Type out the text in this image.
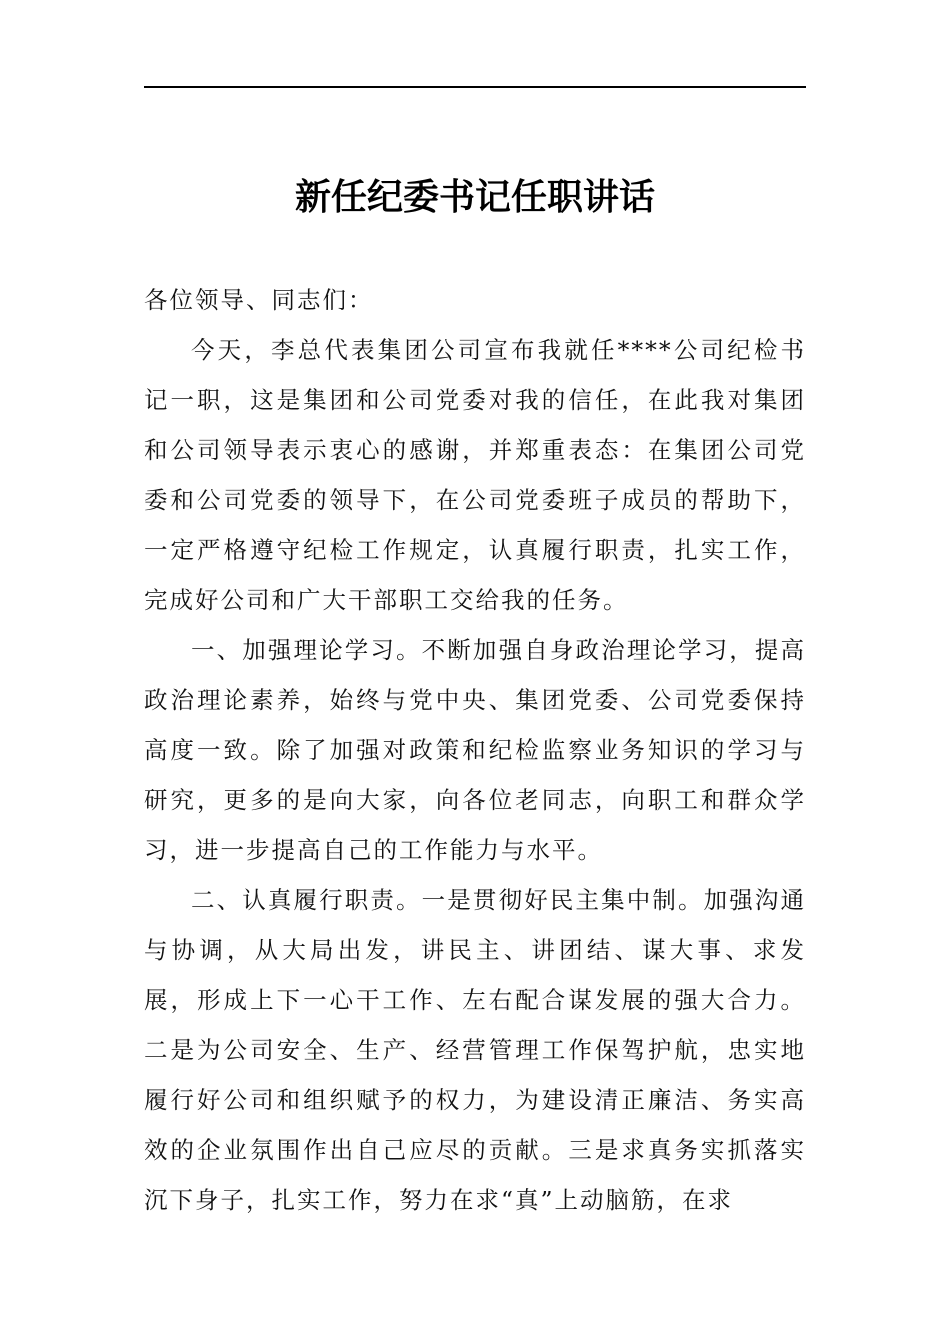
新任纪委书记任职讲话

各位领导、同志们：

今天，李总代表集团公司宣布我就任****公司纪检书记一职，这是集团和公司党委对我的信任，在此我对集团和公司领导表示衷心的感谢，并郑重表态：在集团公司党委和公司党委的领导下，在公司党委班子成员的帮助下，一定严格遵守纪检工作规定，认真履行职责，扎实工作，完成好公司和广大干部职工交给我的任务。

一、加强理论学习。不断加强自身政治理论学习，提高政治理论素养，始终与党中央、集团党委、公司党委保持高度一致。除了加强对政策和纪检监察业务知识的学习与研究，更多的是向大家，向各位老同志，向职工和群众学习，进一步提高自己的工作能力与水平。

二、认真履行职责。一是贯彻好民主集中制。加强沟通与协调，从大局出发，讲民主、讲团结、谋大事、求发展，形成上下一心干工作、左右配合谋发展的强大合力。二是为公司安全、生产、经营管理工作保驾护航，忠实地履行好公司和组织赋予的权力，为建设清正廉洁、务实高效的企业氛围作出自己应尽的贡献。三是求真务实抓落实沉下身子，扎实工作，努力在求“真”上动脑筋，在求
